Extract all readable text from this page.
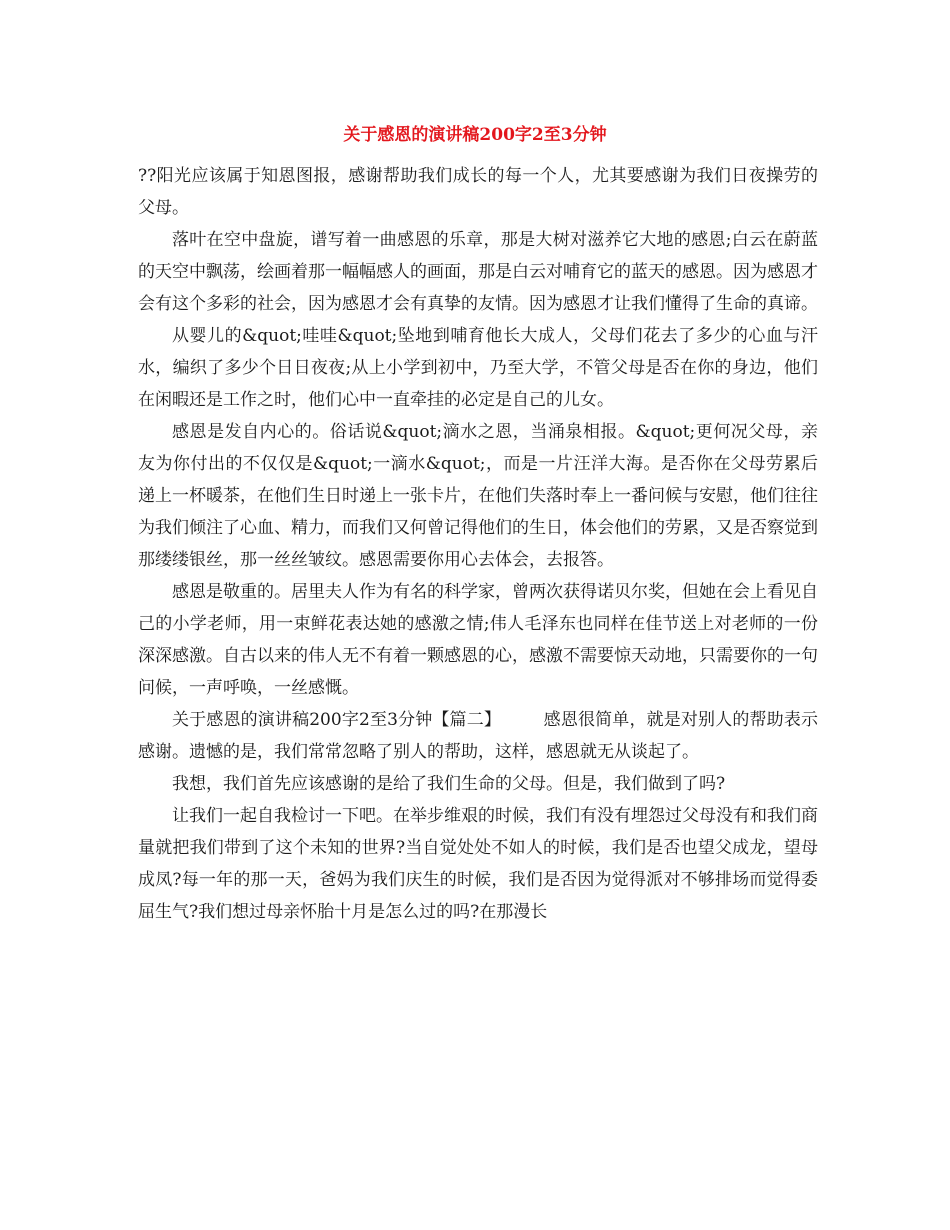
关于感恩的演讲稿200字2至3分钟

??阳光应该属于知恩图报，感谢帮助我们成长的每一个人，尤其要感谢为我们日夜操劳的父母。

落叶在空中盘旋，谱写着一曲感恩的乐章，那是大树对滋养它大地的感恩;白云在蔚蓝的天空中飘荡，绘画着那一幅幅感人的画面，那是白云对哺育它的蓝天的感恩。因为感恩才会有这个多彩的社会，因为感恩才会有真挚的友情。因为感恩才让我们懂得了生命的真谛。

从婴儿的&quot;哇哇&quot;坠地到哺育他长大成人，父母们花去了多少的心血与汗水，编织了多少个日日夜夜;从上小学到初中，乃至大学，不管父母是否在你的身边，他们在闲暇还是工作之时，他们心中一直牵挂的必定是自己的儿女。

感恩是发自内心的。俗话说&quot;滴水之恩，当涌泉相报。&quot;更何况父母，亲友为你付出的不仅仅是&quot;一滴水&quot;，而是一片汪洋大海。是否你在父母劳累后递上一杯暖茶，在他们生日时递上一张卡片，在他们失落时奉上一番问候与安慰，他们往往为我们倾注了心血、精力，而我们又何曾记得他们的生日，体会他们的劳累，又是否察觉到那缕缕银丝，那一丝丝皱纹。感恩需要你用心去体会，去报答。

感恩是敬重的。居里夫人作为有名的科学家，曾两次获得诺贝尔奖，但她在会上看见自己的小学老师，用一束鲜花表达她的感激之情;伟人毛泽东也同样在佳节送上对老师的一份深深感激。自古以来的伟人无不有着一颗感恩的心，感激不需要惊天动地，只需要你的一句问候，一声呼唤，一丝感慨。

关于感恩的演讲稿200字2至3分钟【篇二】	感恩很简单，就是对别人的帮助表示感谢。遗憾的是，我们常常忽略了别人的帮助，这样，感恩就无从谈起了。

我想，我们首先应该感谢的是给了我们生命的父母。但是，我们做到了吗?

让我们一起自我检讨一下吧。在举步维艰的时候，我们有没有埋怨过父母没有和我们商量就把我们带到了这个未知的世界?当自觉处处不如人的时候，我们是否也望父成龙，望母成凤?每一年的那一天，爸妈为我们庆生的时候，我们是否因为觉得派对不够排场而觉得委屈生气?我们想过母亲怀胎十月是怎么过的吗?在那漫长
